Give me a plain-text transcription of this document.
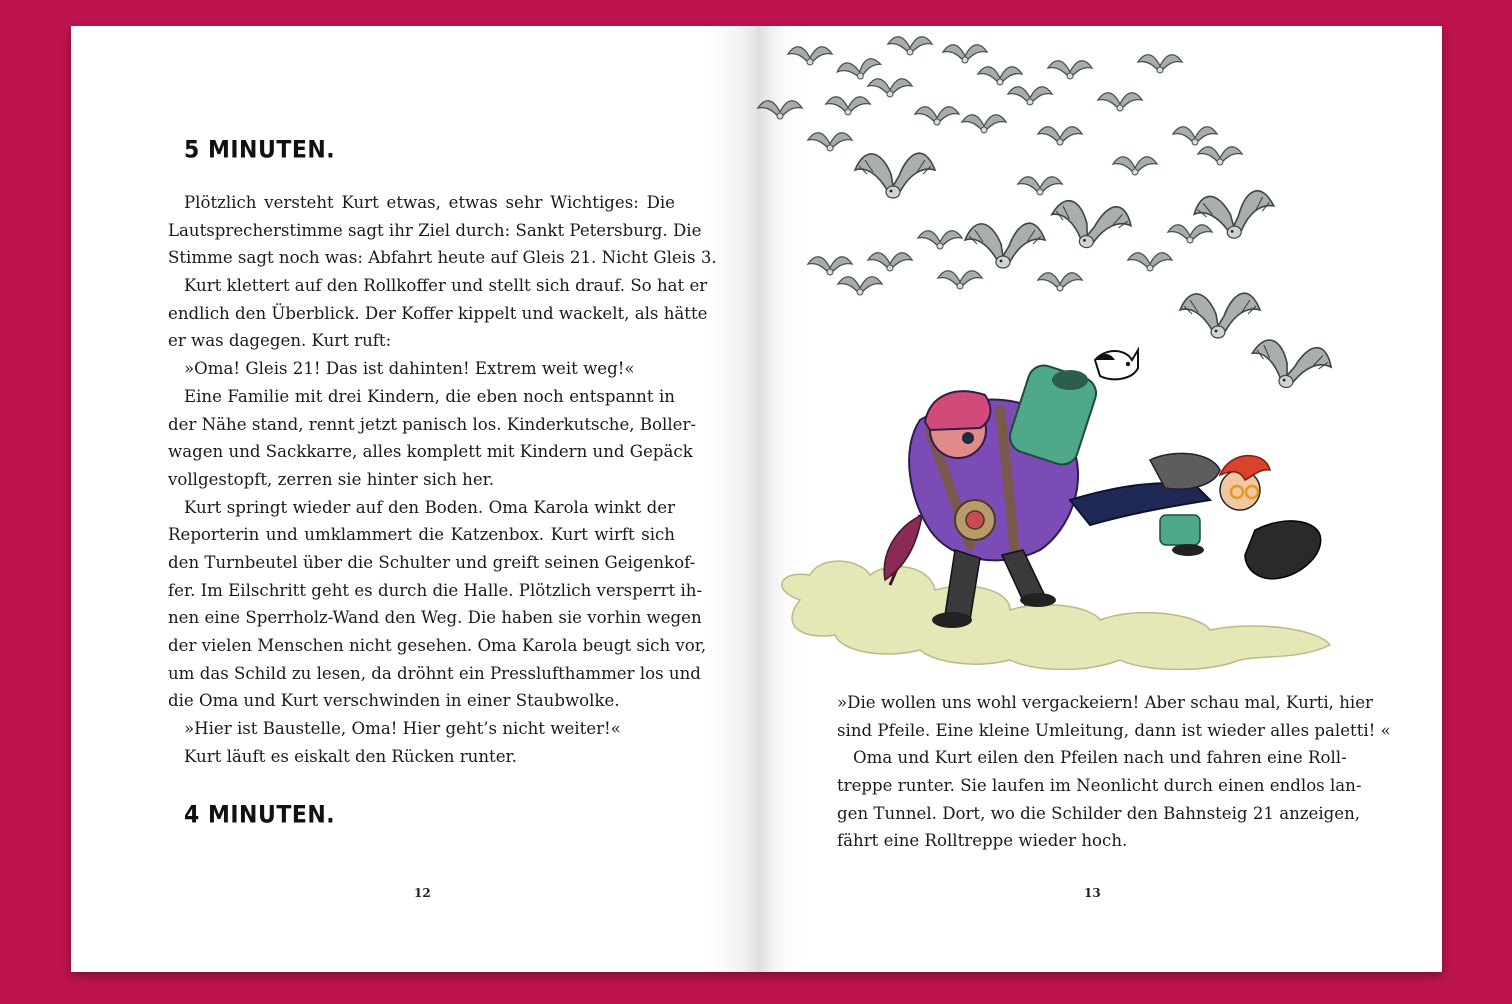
5 MINUTEN.
Plötzlich versteht Kurt etwas, etwas sehr Wichtiges: Die
Lautsprecherstimme sagt ihr Ziel durch: Sankt Petersburg. Die
Stimme sagt noch was: Abfahrt heute auf Gleis 21. Nicht Gleis 3.
Kurt klettert auf den Rollkoffer und stellt sich drauf. So hat er
endlich den Überblick. Der Koffer kippelt und wackelt, als hätte
er was dagegen. Kurt ruft:
»Oma! Gleis 21! Das ist dahinten! Extrem weit weg!«
Eine Familie mit drei Kindern, die eben noch entspannt in
der Nähe stand, rennt jetzt panisch los. Kinderkutsche, Boller-
wagen und Sackkarre, alles komplett mit Kindern und Gepäck
vollgestopft, zerren sie hinter sich her.
Kurt springt wieder auf den Boden. Oma Karola winkt der
Reporterin und umklammert die Katzenbox. Kurt wirft sich
den Turnbeutel über die Schulter und greift seinen Geigenkof-
fer. Im Eilschritt geht es durch die Halle. Plötzlich versperrt ih-
nen eine Sperrholz-Wand den Weg. Die haben sie vorhin wegen
der vielen Menschen nicht gesehen. Oma Karola beugt sich vor,
um das Schild zu lesen, da dröhnt ein Presslufthammer los und
die Oma und Kurt verschwinden in einer Staubwolke.
»Hier ist Baustelle, Oma! Hier geht’s nicht weiter!«
Kurt läuft es eiskalt den Rücken runter.
4 MINUTEN.
12
»Die wollen uns wohl vergackeiern! Aber schau mal, Kurti, hier
sind Pfeile. Eine kleine Umleitung, dann ist wieder alles paletti! «
Oma und Kurt eilen den Pfeilen nach und fahren eine Roll-
treppe runter. Sie laufen im Neonlicht durch einen endlos lan-
gen Tunnel. Dort, wo die Schilder den Bahnsteig 21 anzeigen,
fährt eine Rolltreppe wieder hoch.
13
